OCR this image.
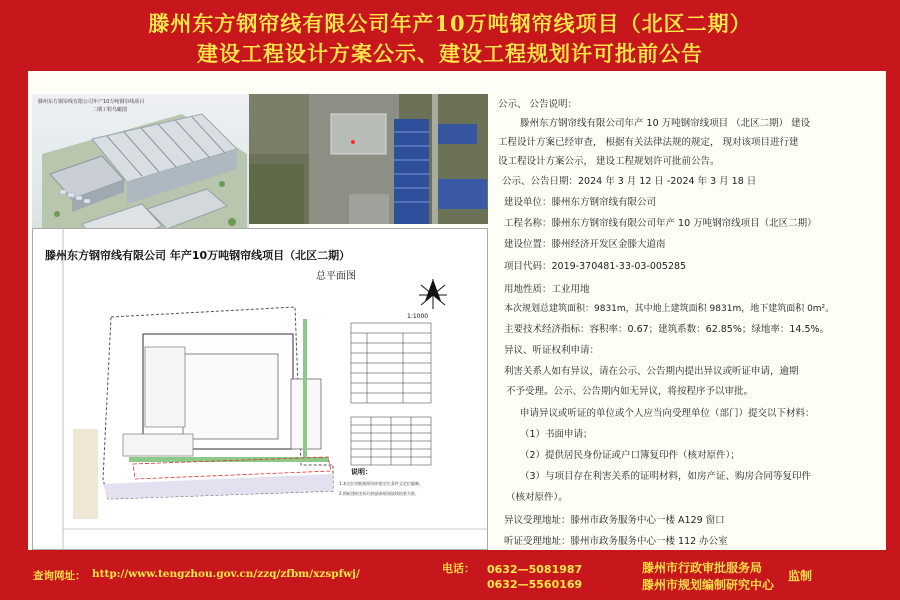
滕州东方钢帘线有限公司年产10万吨钢帘线项目（北区二期）
建设工程设计方案公示、建设工程规划许可批前公告
滕州东方钢帘线有限公司年产10万吨钢帘线项目
二期工程鸟瞰图
滕州东方钢帘线有限公司 年产10万吨钢帘线项目（北区二期）
总平面图
1:1000
说明：
1.本定位图根据规划审批定位条件文定位编制，
2.图纸建筑坐标均按最新规划放线结果为准。
公示、 公告说明：
滕州东方钢帘线有限公司年产 10 万吨钢帘线项目 （北区二期） 建设
工程设计方案已经审查， 根据有关法律法规的规定， 现对该项目进行建
设工程设计方案公示， 建设工程规划许可批前公告。
公示、公告日期：2024 年 3 月 12 日 -2024 年 3 月 18 日
建设单位：滕州东方钢帘线有限公司
工程名称：滕州东方钢帘线有限公司年产 10 万吨钢帘线项目（北区二期）
建设位置：滕州经济开发区金滕大道南
项目代码：2019-370481-33-03-005285
用地性质：工业用地
本次规划总建筑面积：9831m，其中地上建筑面积 9831m，地下建筑面积 0m²。
主要技术经济指标：容积率：0.67；建筑系数：62.85%；绿地率：14.5%。
异议、听证权利申请：
利害关系人如有异议，请在公示、公告期内提出异议或听证申请，逾期
不予受理。公示、公告期内如无异议，将按程序予以审批。
申请异议或听证的单位或个人应当向受理单位（部门）提交以下材料：
（1）书面申请；
（2）提供居民身份证或户口簿复印件（核对原件）；
（3）与项目存在利害关系的证明材料，如房产证、购房合同等复印件
（核对原件）。
异议受理地址：滕州市政务服务中心一楼 A129 窗口
听证受理地址：滕州市政务服务中心一楼 112 办公室
查询网址： http://www.tengzhou.gov.cn/zzq/zfbm/xzspfwj/	电话： 0632—5081987
0632—5560169
滕州市行政审批服务局
滕州市规划编制研究中心
监制
